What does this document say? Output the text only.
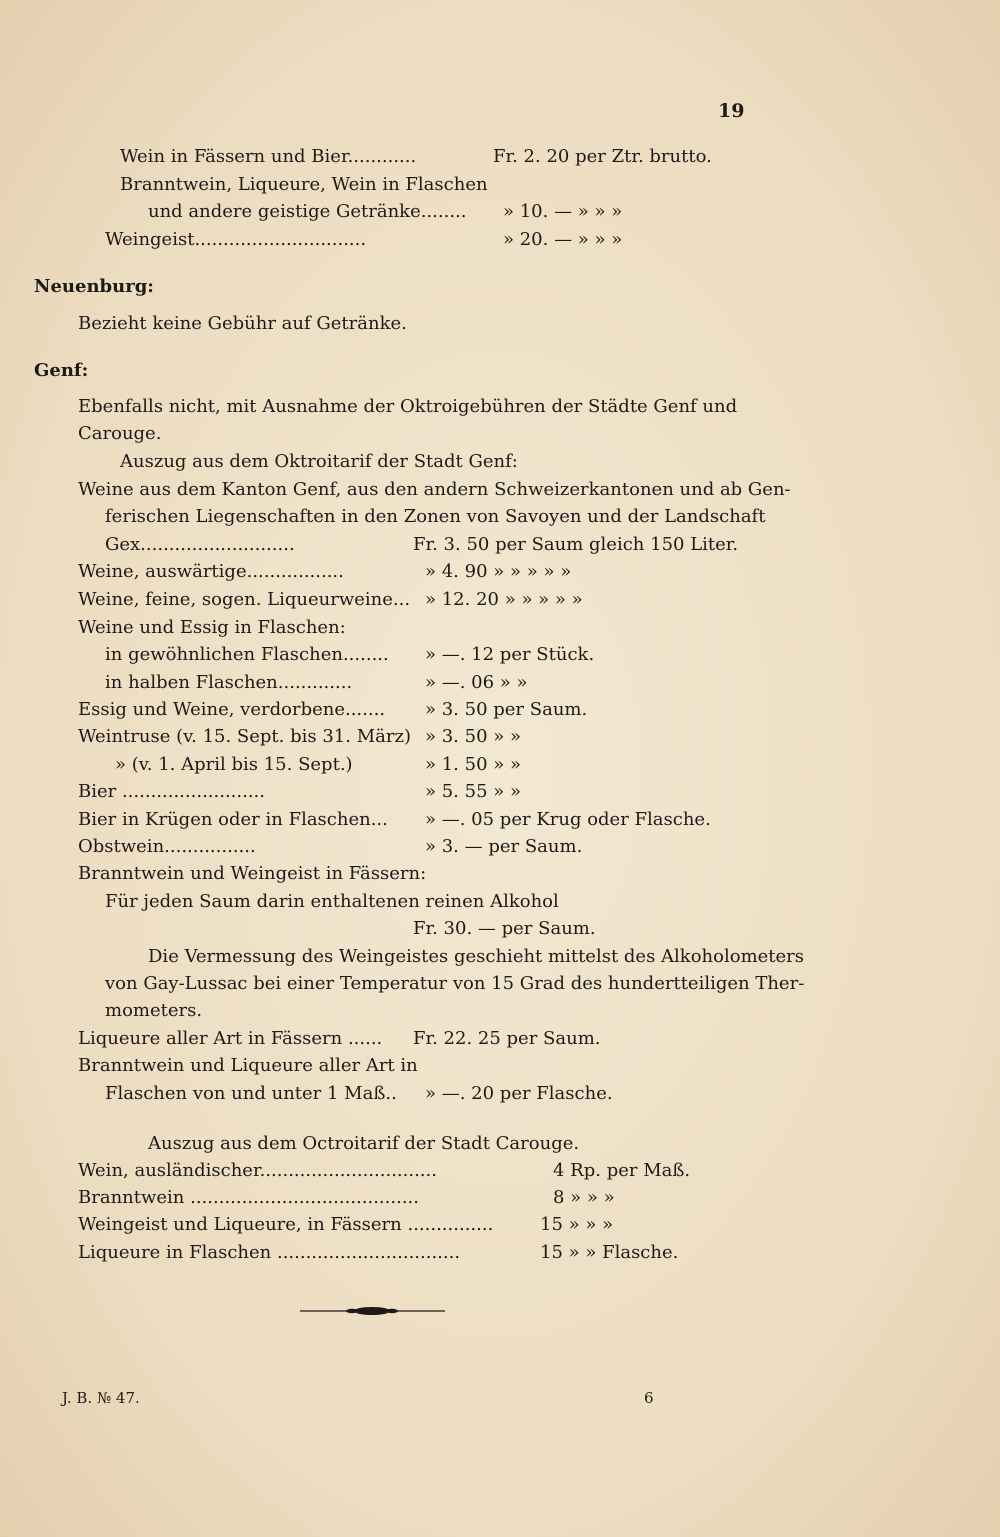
19
Wein in Fässern und Bier............	Fr. 2. 20 per Ztr. brutto.
Branntwein, Liqueure, Wein in Flaschen
und andere geistige Getränke........ » 10. — » » »
Weingeist..............................	» 20. — » » »
Neuenburg:
Bezieht keine Gebühr auf Getränke.
Genf:
Ebenfalls nicht, mit Ausnahme der Oktroigebühren der Städte Genf und
Carouge.
Auszug aus dem Oktroitarif der Stadt Genf:
Weine aus dem Kanton Genf, aus den andern Schweizerkantonen und ab Gen-
ferischen Liegenschaften in den Zonen von Savoyen und der Landschaft
Gex...........................	Fr. 3. 50 per Saum gleich 150 Liter.
Weine, auswärtige.................	» 4. 90 » » » » »
Weine, feine, sogen. Liqueurweine... » 12. 20 » » » » »
Weine und Essig in Flaschen:
in gewöhnlichen Flaschen........ » —. 12 per Stück.
in halben Flaschen.............	» —. 06 » »
Essig und Weine, verdorbene....... » 3. 50 per Saum.
Weintruse (v. 15. Sept. bis 31. März) » 3. 50 » »
» (v. 1. April bis 15. Sept.)	» 1. 50 » »
Bier .........................	» 5. 55 » »
Bier in Krügen oder in Flaschen... » —. 05 per Krug oder Flasche.
Obstwein................	» 3. — per Saum.
Branntwein und Weingeist in Fässern:
Für jeden Saum darin enthaltenen reinen Alkohol
Fr. 30. — per Saum.
Die Vermessung des Weingeistes geschieht mittelst des Alkoholometers
von Gay-Lussac bei einer Temperatur von 15 Grad des hundertteiligen Ther-
mometers.
Liqueure aller Art in Fässern ...... Fr. 22. 25 per Saum.
Branntwein und Liqueure aller Art in
Flaschen von und unter 1 Maß.. » —. 20 per Flasche.
Auszug aus dem Octroitarif der Stadt Carouge.
Wein, ausländischer...............................	4 Rp. per Maß.
Branntwein ........................................	8 » » »
Weingeist und Liqueure, in Fässern ...............	15 » » »
Liqueure in Flaschen ................................	15 » » Flasche.
J. B. № 47.	6
